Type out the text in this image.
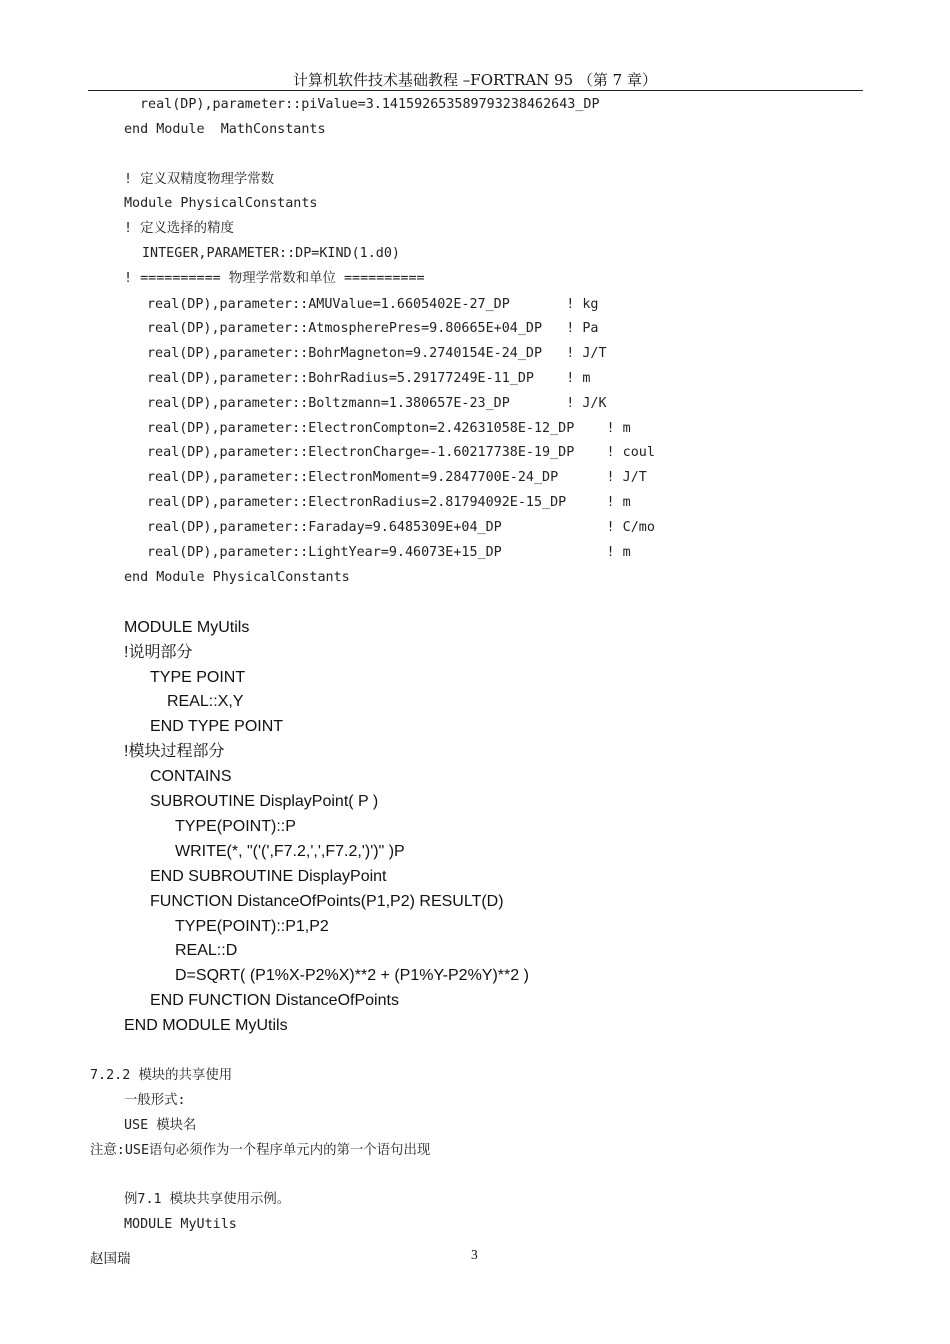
计算机软件技术基础教程 –FORTRAN 95 （第 7 章）
real(DP),parameter::piValue=3.14159265358979323846264З_DP
end Module  MathConstants
! 定义双精度物理学常数
Module PhysicalConstants
! 定义选择的精度
INTEGER,PARAMETER::DP=KIND(1.d0)
! ========== 物理学常数和单位 ==========
real(DP),parameter::AMUValue=1.6605402E-27_DP       ! kg
real(DP),parameter::AtmospherePres=9.80665E+04_DP   ! Pa
real(DP),parameter::BohrMagneton=9.2740154E-24_DP   ! J/T
real(DP),parameter::BohrRadius=5.29177249E-11_DP    ! m
real(DP),parameter::Boltzmann=1.380657E-23_DP       ! J/K
real(DP),parameter::ElectronCompton=2.42631058E-12_DP    ! m
real(DP),parameter::ElectronCharge=-1.60217738E-19_DP    ! coul
real(DP),parameter::ElectronMoment=9.2847700E-24_DP      ! J/T
real(DP),parameter::ElectronRadius=2.81794092E-15_DP     ! m
real(DP),parameter::Faraday=9.6485309E+04_DP             ! C/mo
real(DP),parameter::LightYear=9.46073E+15_DP             ! m
end Module PhysicalConstants
MODULE MyUtils
!说明部分
TYPE POINT
REAL::X,Y
END TYPE POINT
!模块过程部分
CONTAINS
SUBROUTINE DisplayPoint( P )
TYPE(POINT)::P
WRITE(*, "('(',F7.2,',',F7.2,')')" )P
END SUBROUTINE DisplayPoint
FUNCTION DistanceOfPoints(P1,P2) RESULT(D)
TYPE(POINT)::P1,P2
REAL::D
D=SQRT( (P1%X-P2%X)**2 + (P1%Y-P2%Y)**2 )
END FUNCTION DistanceOfPoints
END MODULE MyUtils
7.2.2 模块的共享使用
一般形式:
USE 模块名
注意:USE语句必须作为一个程序单元内的第一个语句出现
例7.1 模块共享使用示例。
MODULE MyUtils
赵国瑞	3
